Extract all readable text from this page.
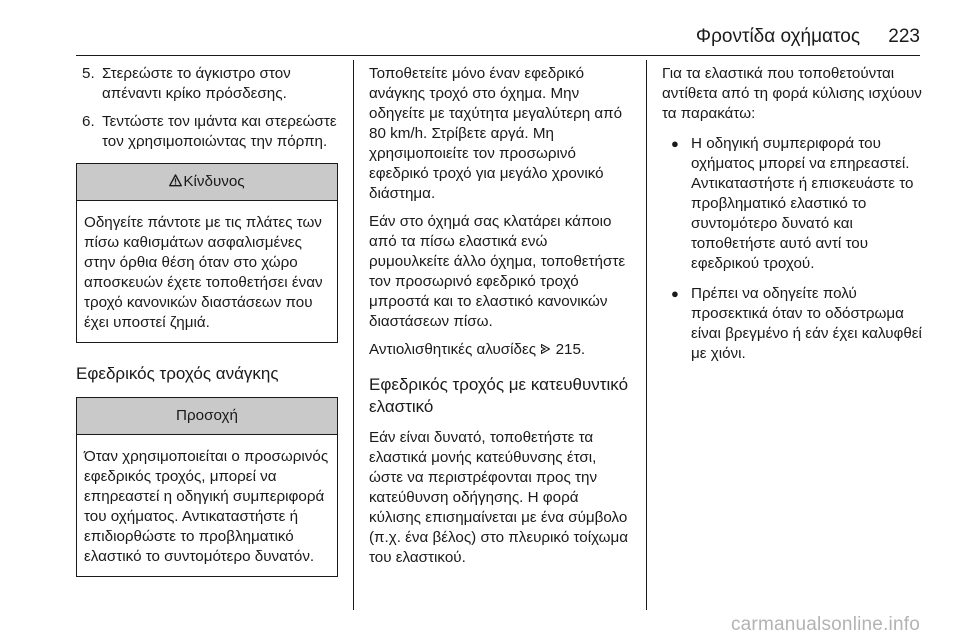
Φροντίδα οχήματος 223
5. Στερεώστε το άγκιστρο στον απέναντι κρίκο πρόσδεσης.
6. Τεντώστε τον ιμάντα και στερεώστε τον χρησιμοποιώντας την πόρπη.
Κίνδυνος
Οδηγείτε πάντοτε με τις πλάτες των πίσω καθισμάτων ασφαλισμένες στην όρθια θέση όταν στο χώρο αποσκευών έχετε τοποθετήσει έναν τροχό κανονικών διαστάσεων που έχει υποστεί ζημιά.
Εφεδρικός τροχός ανάγκης
Προσοχή
Όταν χρησιμοποιείται ο προσωρινός εφεδρικός τροχός, μπορεί να επηρεαστεί η οδηγική συμπεριφορά του οχήματος. Αντικαταστήστε ή επιδιορθώστε το προβληματικό ελαστικό το συντομότερο δυνατόν.

Τοποθετείτε μόνο έναν εφεδρικό ανάγκης τροχό στο όχημα. Μην οδηγείτε με ταχύτητα μεγαλύτερη από 80 km/h. Στρίβετε αργά. Μη χρησιμοποιείτε τον προσωρινό εφεδρικό τροχό για μεγάλο χρονικό διάστημα.

Εάν στο όχημά σας κλατάρει κάποιο από τα πίσω ελαστικά ενώ ρυμουλκείτε άλλο όχημα, τοποθετήστε τον προσωρινό εφεδρικό τροχό μπροστά και το ελαστικό κανονικών διαστάσεων πίσω.

Αντιολισθητικές αλυσίδες 215.

Εφεδρικός τροχός με κατευθυντικό ελαστικό

Εάν είναι δυνατό, τοποθετήστε τα ελαστικά μονής κατεύθυνσης έτσι, ώστε να περιστρέφονται προς την κατεύθυνση οδήγησης. Η φορά κύλισης επισημαίνεται με ένα σύμβολο (π.χ. ένα βέλος) στο πλευρικό τοίχωμα του ελαστικού.

Για τα ελαστικά που τοποθετούνται αντίθετα από τη φορά κύλισης ισχύουν τα παρακάτω:

● Η οδηγική συμπεριφορά του οχήματος μπορεί να επηρεαστεί. Αντικαταστήστε ή επισκευάστε το προβληματικό ελαστικό το συντομότερο δυνατό και τοποθετήστε αυτό αντί του εφεδρικού τροχού.
● Πρέπει να οδηγείτε πολύ προσεκτικά όταν το οδόστρωμα είναι βρεγμένο ή εάν έχει καλυφθεί με χιόνι.
carmanualsonline.info
